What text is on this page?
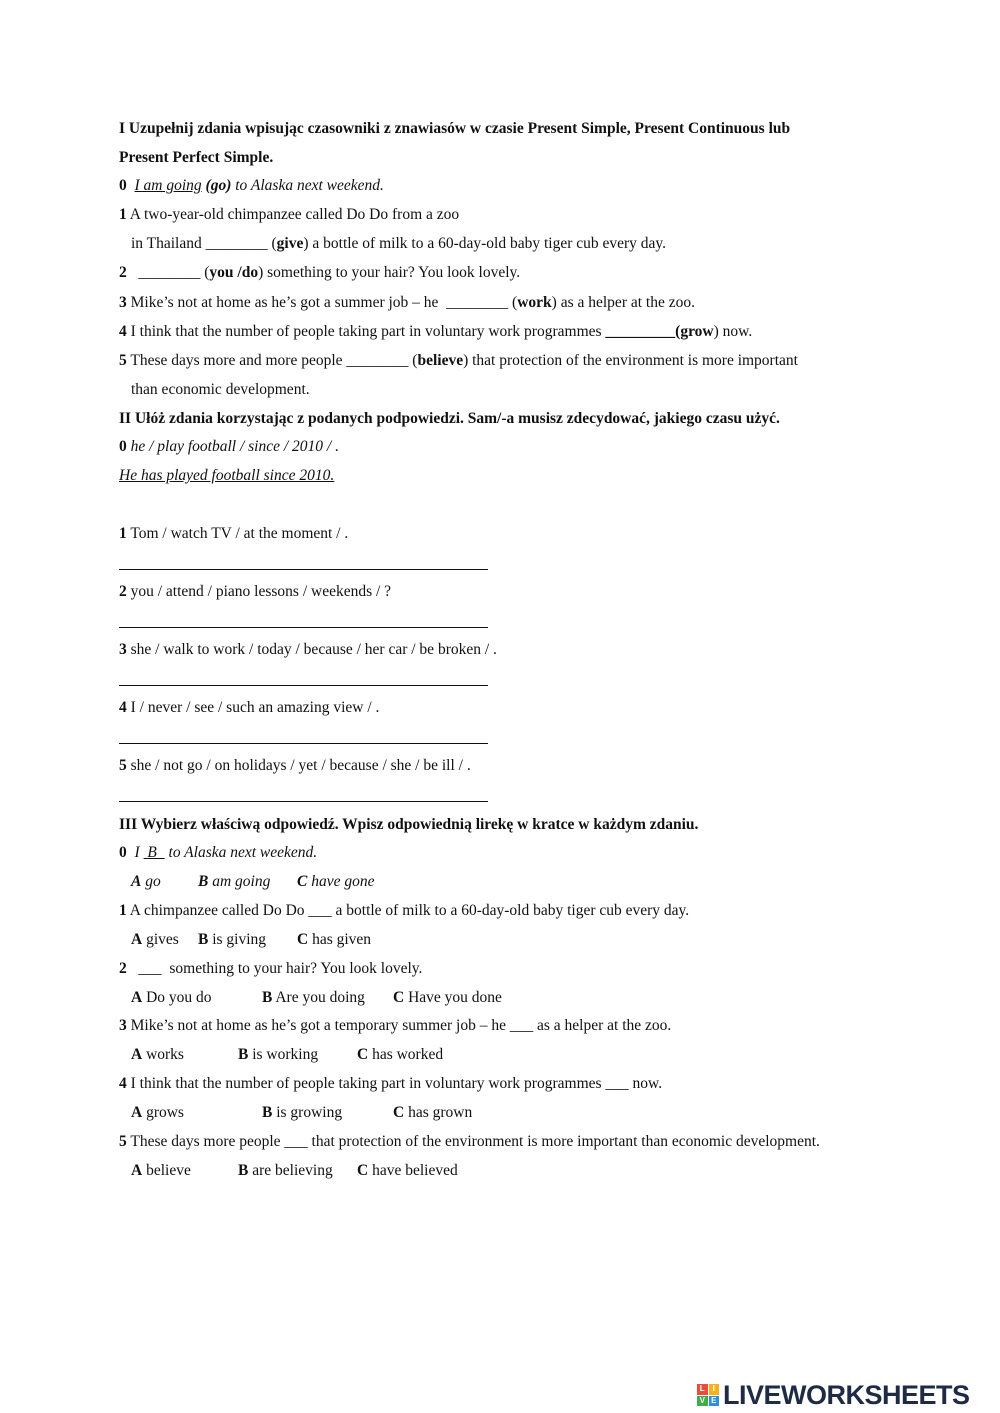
I Uzupełnij zdania wpisując czasowniki z znawiasów w czasie Present Simple, Present Continuous lub
Present Perfect Simple.
0 I am going (go) to Alaska next weekend.
1 A two-year-old chimpanzee called Do Do from a zoo
in Thailand ________ (give) a bottle of milk to a 60-day-old baby tiger cub every day.
2   ________ (you /do) something to your hair? You look lovely.
3 Mike’s not at home as he’s got a summer job – he  ________ (work) as a helper at the zoo.
4 I think that the number of people taking part in voluntary work programmes _________(grow) now.
5 These days more and more people ________ (believe) that protection of the environment is more important
than economic development.
II Ułóż zdania korzystając z podanych podpowiedzi. Sam/-a musisz zdecydować, jakiego czasu użyć.
0 he / play football / since / 2010 / .
He has played football since 2010.
1 Tom / watch TV / at the moment / .
2 you / attend / piano lessons / weekends / ?
3 she / walk to work / today / because / her car / be broken / .
4 I / never / see / such an amazing view / .
5 she / not go / on holidays / yet / because / she / be ill / .
III Wybierz właściwą odpowiedź. Wpisz odpowiednią lirekę w kratce w każdym zdaniu.
0  I  B   to Alaska next weekend.
A go B am going C have gone
1 A chimpanzee called Do Do ___ a bottle of milk to a 60-day-old baby tiger cub every day.
A gives B is giving C has given
2   ___  something to your hair? You look lovely.
A Do you do	B Are you doing C Have you done
3 Mike’s not at home as he’s got a temporary summer job – he ___ as a helper at the zoo.
A works	B is working	C has worked
4 I think that the number of people taking part in voluntary work programmes ___ now.
A grows	B is growing	C has grown
5 These days more people ___ that protection of the environment is more important than economic development.
A believe	B are believing C have believed
L I
V E LIVEWORKSHEETS
